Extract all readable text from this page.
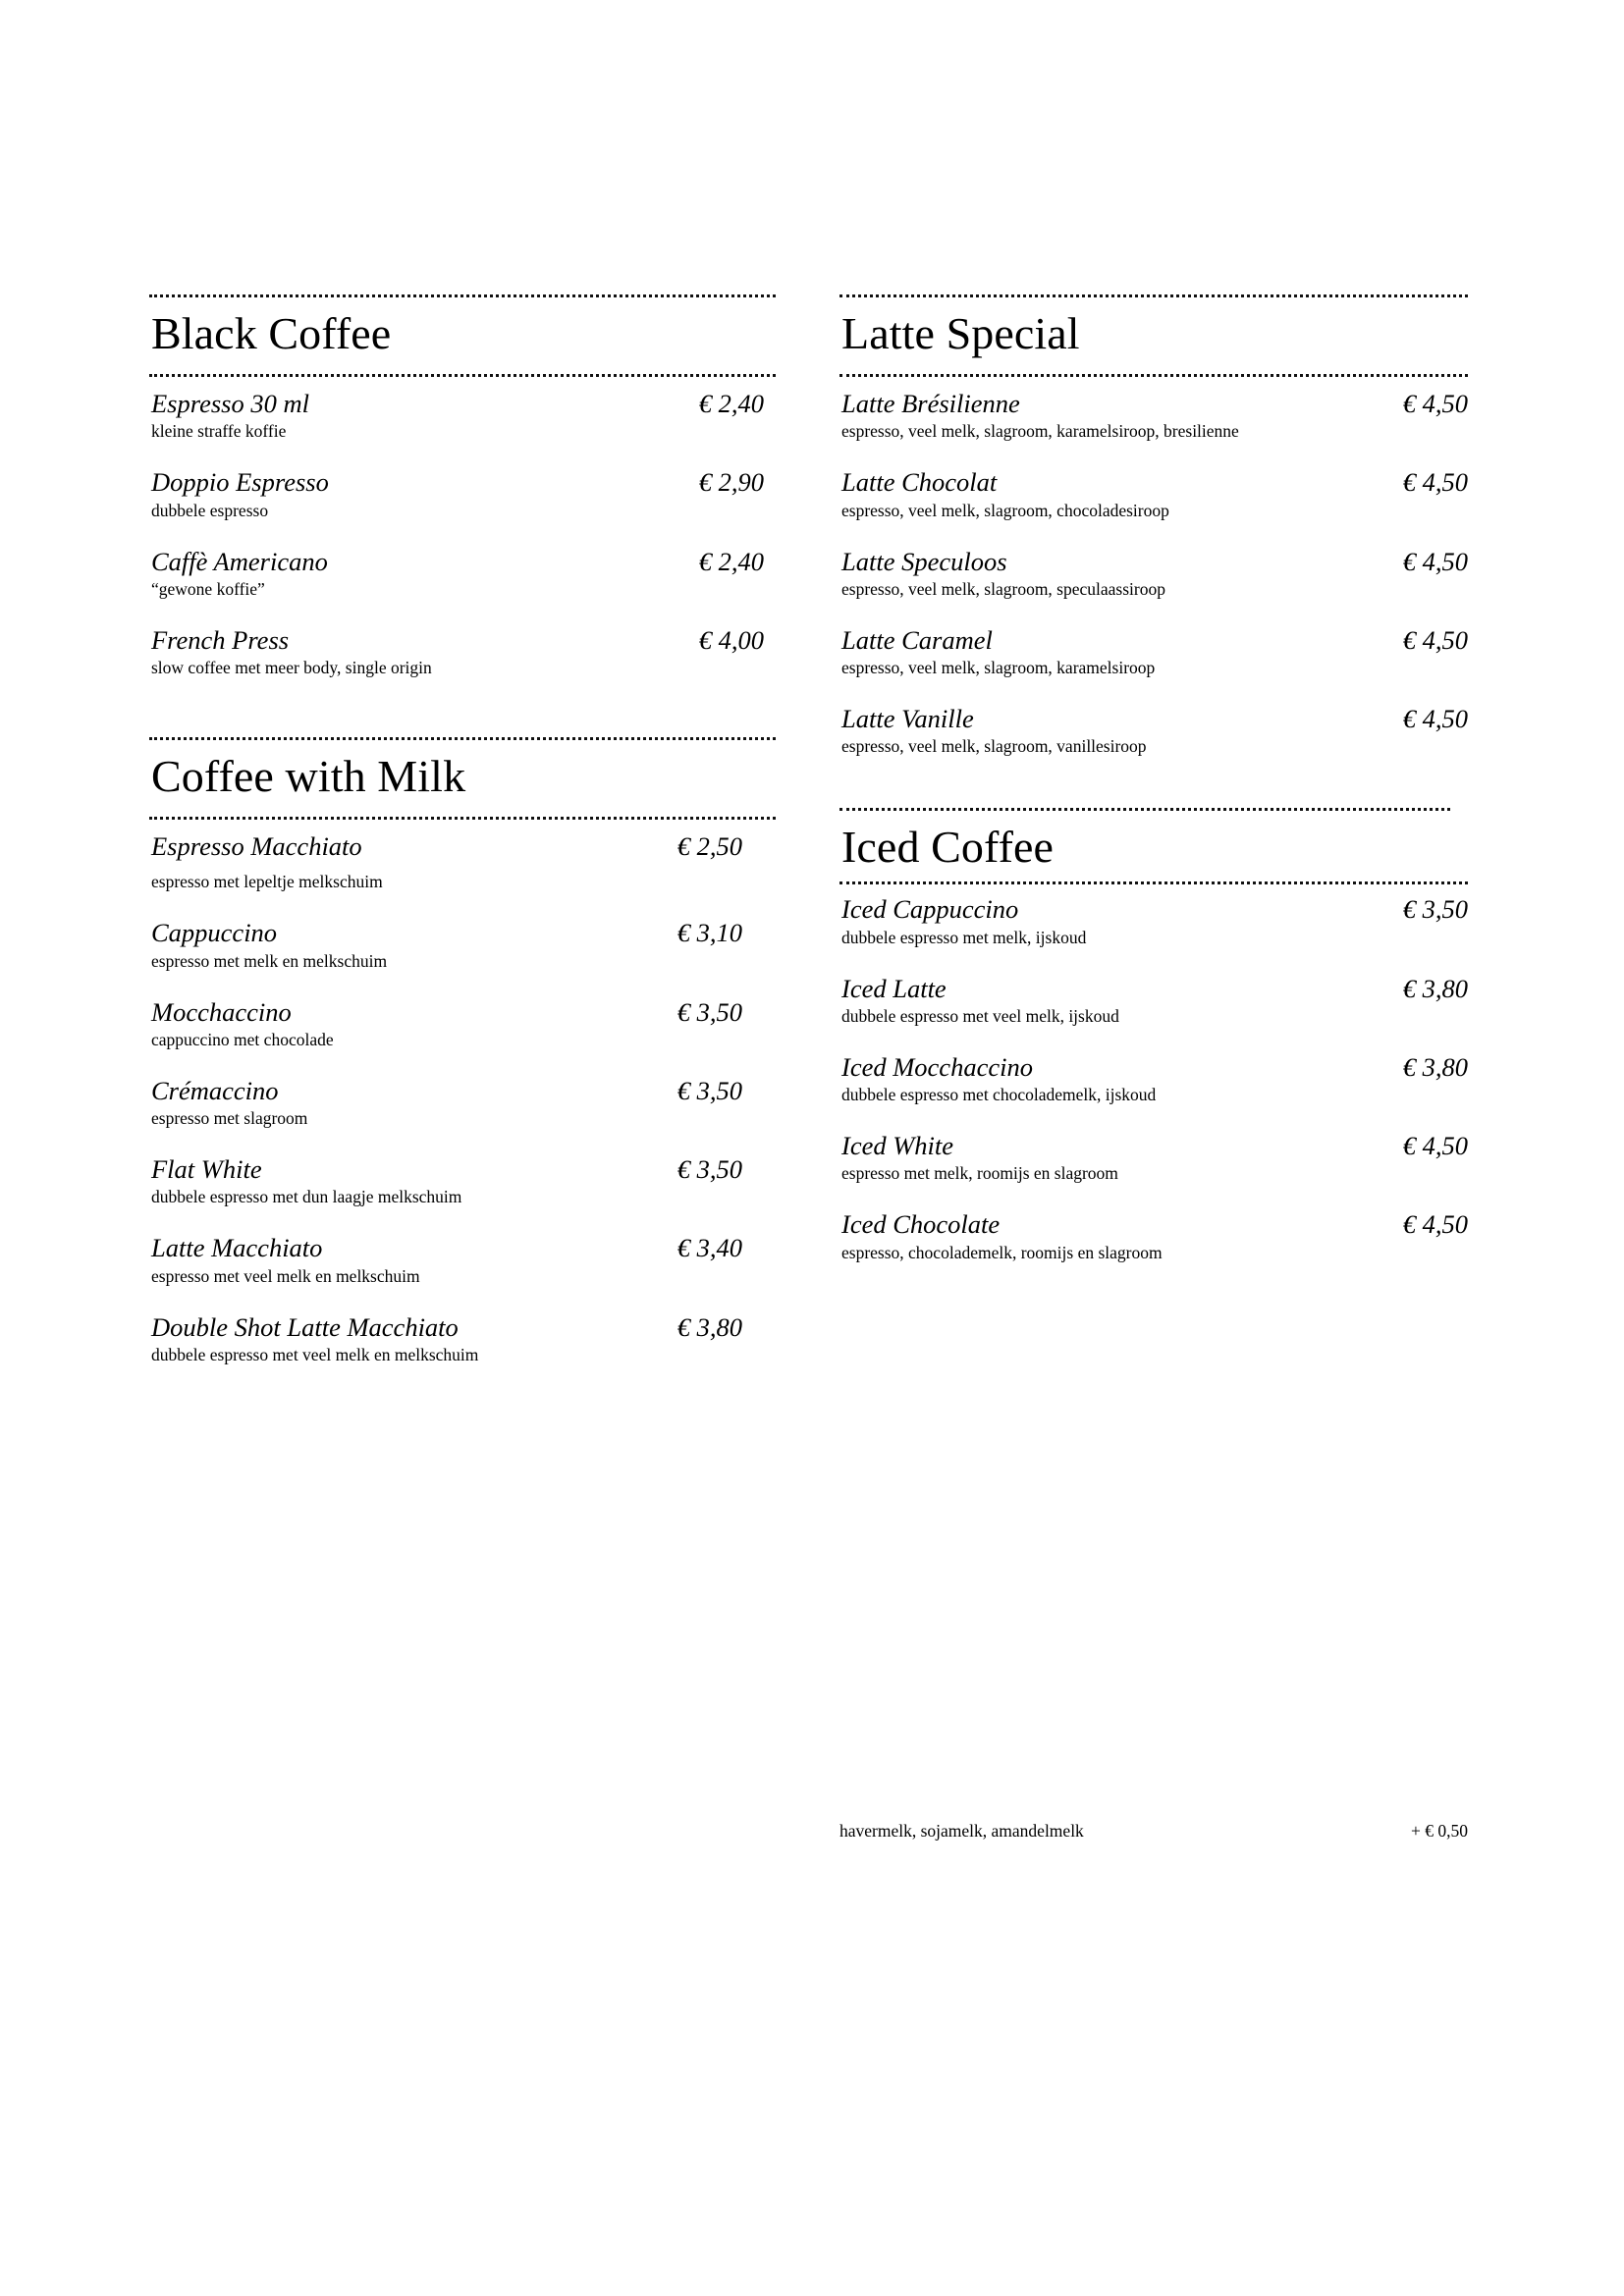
Black Coffee
Espresso 30 ml	€ 2,40
kleine straffe koffie
Doppio Espresso	€ 2,90
dubbele espresso
Caffè Americano	€ 2,40
“gewone koffie”
French Press	€ 4,00
slow coffee met meer body, single origin
Coffee with Milk
Espresso Macchiato	€ 2,50
espresso met lepeltje melkschuim
Cappuccino	€ 3,10
espresso met melk en melkschuim
Mocchaccino	€ 3,50
cappuccino met chocolade
Crémaccino	€ 3,50
espresso met slagroom
Flat White	€ 3,50
dubbele espresso met dun laagje melkschuim
Latte Macchiato	€ 3,40
espresso met veel melk en melkschuim
Double Shot Latte Macchiato	€ 3,80
dubbele espresso met veel melk en melkschuim
Latte Special
Latte Brésilienne	€ 4,50
espresso, veel melk, slagroom, karamelsiroop, bresilienne
Latte Chocolat	€ 4,50
espresso, veel melk, slagroom, chocoladesiroop
Latte Speculoos	€ 4,50
espresso, veel melk, slagroom, speculaassiroop
Latte Caramel	€ 4,50
espresso, veel melk, slagroom, karamelsiroop
Latte Vanille	€ 4,50
espresso, veel melk, slagroom, vanillesiroop
Iced Coffee
Iced Cappuccino	€ 3,50
dubbele espresso met melk, ijskoud
Iced Latte	€ 3,80
dubbele espresso met veel melk, ijskoud
Iced Mocchaccino	€ 3,80
dubbele espresso met chocolademelk, ijskoud
Iced White	€ 4,50
espresso met melk, roomijs en slagroom
Iced Chocolate	€ 4,50
espresso, chocolademelk, roomijs en slagroom
havermelk, sojamelk, amandelmelk	+ € 0,50
